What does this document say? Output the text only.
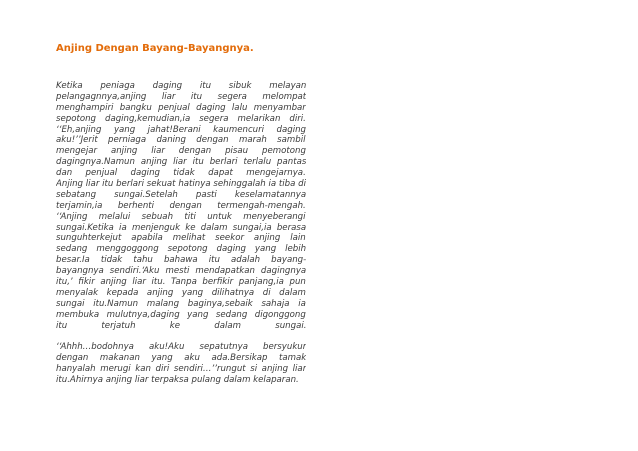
Anjing Dengan Bayang-Bayangnya.

Ketika peniaga daging itu sibuk melayan
pelangagnnya,anjing liar itu segera melompat
menghampiri bangku penjual daging lalu menyambar
sepotong daging,kemudian,ia segera melarikan diri.
‘‘Eh,anjing yang jahat!Berani kaumencuri daging
aku!’’Jerit perniaga daning dengan marah sambil
mengejar anjing liar dengan pisau pemotong
dagingnya.Namun anjing liar itu berlari terlalu pantas
dan penjual daging tidak dapat mengejarnya.
Anjing liar itu berlari sekuat hatinya sehinggalah ia tiba di
sebatang sungai.Setelah pasti keselamatannya
terjamin,ia berhenti dengan termengah-mengah.
‘‘Anjing melalui sebuah titi untuk menyeberangi
sungai.Ketika ia menjenguk ke dalam sungai,ia berasa
sunguhterkejut apabila melihat seekor anjing lain
sedang menggoggong sepotong daging yang lebih
besar.Ia tidak tahu bahawa itu adalah bayang-
bayangnya sendiri.‘Aku mesti mendapatkan dagingnya
itu,’ fikir anjing liar itu. Tanpa berfikir panjang,ia pun
menyalak kepada anjing yang dilihatnya di dalam
sungai itu.Namun malang baginya,sebaik sahaja ia
membuka mulutnya,daging yang sedang digonggong
itu terjatuh ke dalam sungai.

‘‘Ahhh…bodohnya aku!Aku sepatutnya bersyukur
dengan makanan yang aku ada.Bersikap tamak
hanyalah merugi kan diri sendiri…’’rungut si anjing liar
itu.Ahirnya anjing liar terpaksa pulang dalam kelaparan.
